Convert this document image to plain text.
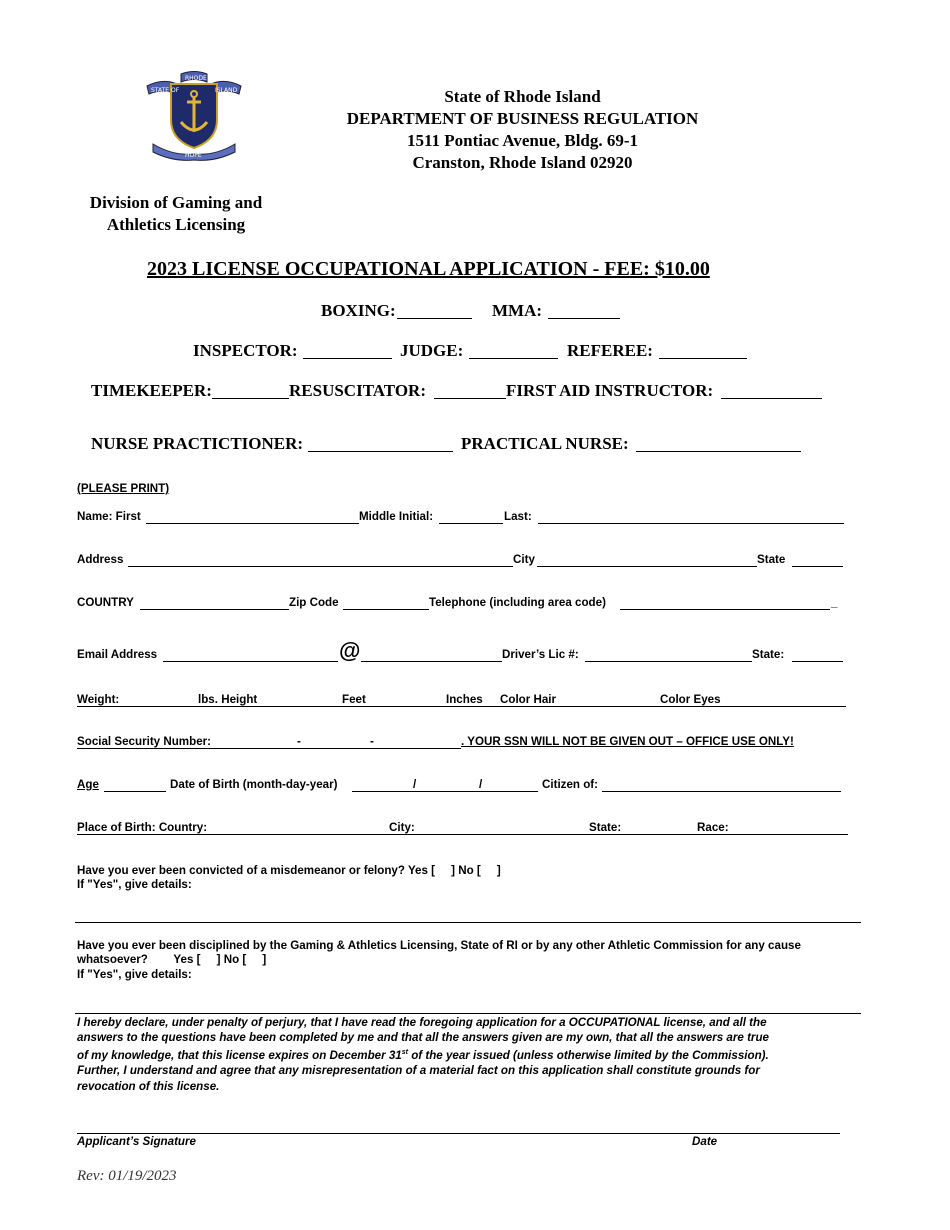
STATE OF
RHODE
ISLAND
HOPE
State of Rhode Island
DEPARTMENT OF BUSINESS REGULATION
1511 Pontiac Avenue, Bldg. 69-1
Cranston, Rhode Island 02920
Division of Gaming and
Athletics Licensing
2023 LICENSE OCCUPATIONAL APPLICATION - FEE: $10.00
BOXING:	MMA:
INSPECTOR:	JUDGE:	REFEREE:
TIMEKEEPER:	RESUSCITATOR:	FIRST AID INSTRUCTOR:
NURSE PRACTICTIONER:	PRACTICAL NURSE:
(PLEASE PRINT)
Name: First	Middle Initial:	Last:
Address	City	State
COUNTRY	Zip Code	Telephone (including area code)	_
Email Address	@	Driver’s Lic #:	State:
Weight:	lbs. Height	Feet	Inches Color Hair	Color Eyes
Social Security Number:	-	-	. YOUR SSN WILL NOT BE GIVEN OUT – OFFICE USE ONLY!
Age	Date of Birth (month-day-year)	/	/	Citizen of:
Place of Birth: Country:	City:	State:	Race:
Have you ever been convicted of a misdemeanor or felony? Yes [     ] No [     ]
If "Yes", give details:
Have you ever been disciplined by the Gaming & Athletics Licensing, State of RI or by any other Athletic Commission for any cause
whatsoever?        Yes [     ] No [     ]
If "Yes", give details:
I hereby declare, under penalty of perjury, that I have read the foregoing application for a OCCUPATIONAL license, and all the
answers to the questions have been completed by me and that all the answers given are my own, that all the answers are true
of my knowledge, that this license expires on December 31st of the year issued (unless otherwise limited by the Commission).
Further, I understand and agree that any misrepresentation of a material fact on this application shall constitute grounds for
revocation of this license.
Applicant’s Signature	Date
Rev: 01/19/2023
